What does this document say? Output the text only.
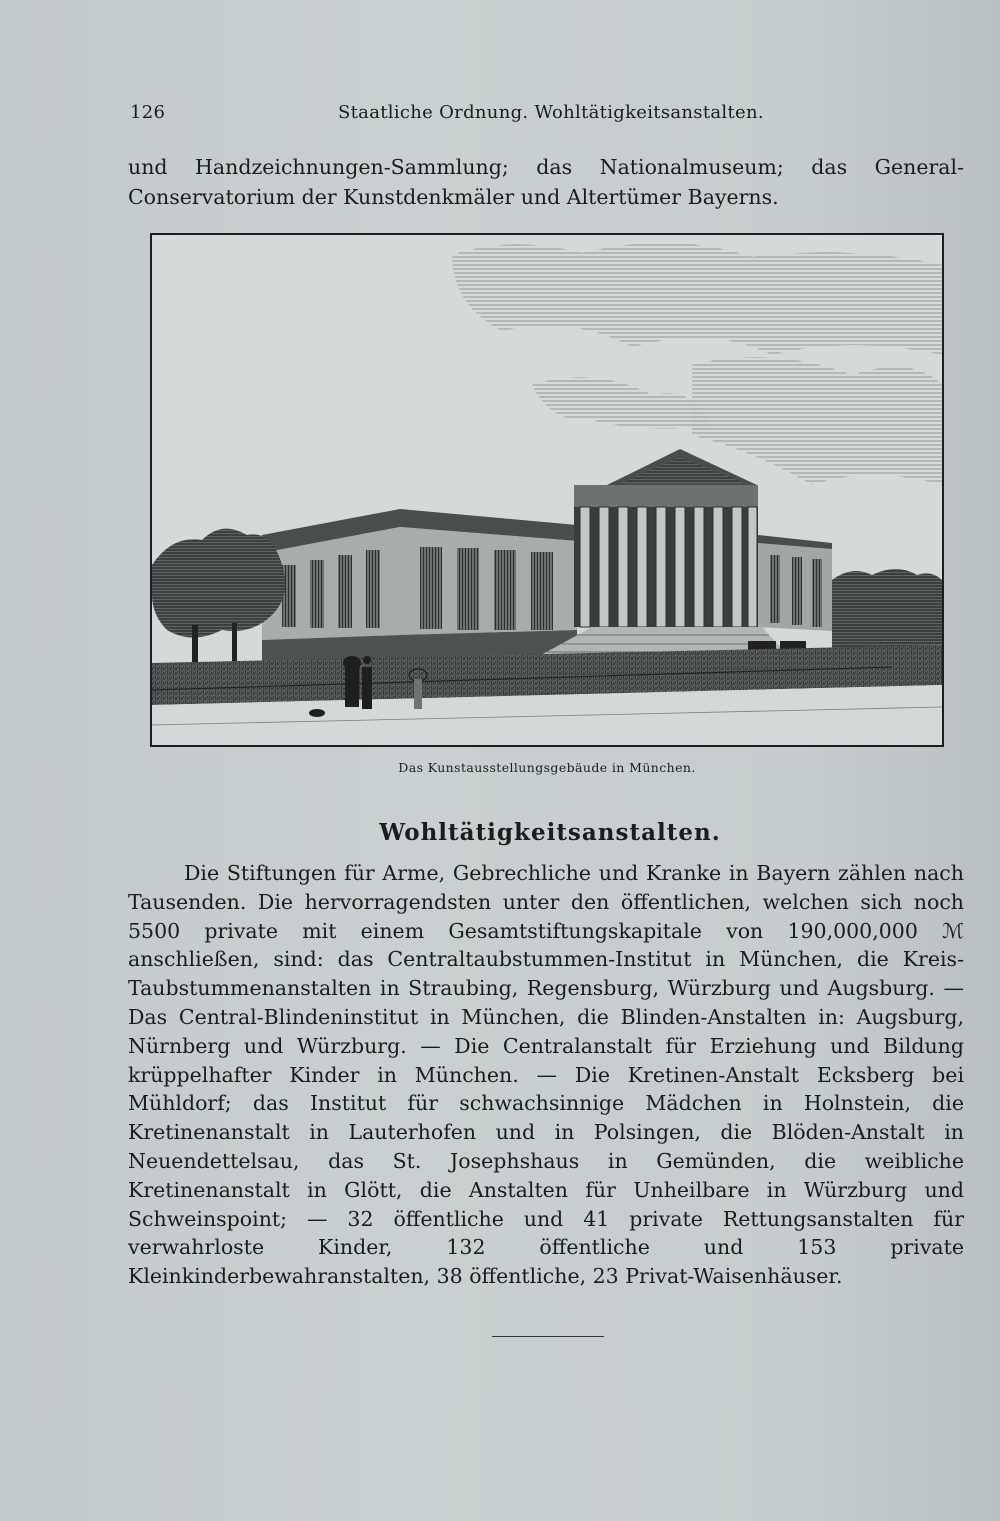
126	Staatliche Ordnung. Wohltätigkeitsanstalten.
und Handzeichnungen-Sammlung; das Nationalmuseum; das General-Conservatorium der Kunstdenkmäler und Altertümer Bayerns.
Das Kunstausstellungsgebäude in München.
Wohltätigkeitsanstalten.

Die Stiftungen für Arme, Gebrechliche und Kranke in Bayern zählen nach Tausenden. Die hervorragendsten unter den öffentlichen, welchen sich noch 5500 private mit einem Gesamtstiftungskapitale von 190,000,000 ℳ anschließen, sind: das Centraltaubstummen-Institut in München, die Kreis-Taubstummenanstalten in Straubing, Regensburg, Würzburg und Augsburg. — Das Central-Blindeninstitut in München, die Blinden-Anstalten in: Augsburg, Nürnberg und Würzburg. — Die Centralanstalt für Erziehung und Bildung krüppelhafter Kinder in München. — Die Kretinen-Anstalt Ecksberg bei Mühldorf; das Institut für schwachsinnige Mädchen in Holnstein, die Kretinenanstalt in Lauterhofen und in Polsingen, die Blöden-Anstalt in Neuendettelsau, das St. Josephshaus in Gemünden, die weibliche Kretinenanstalt in Glött, die Anstalten für Unheilbare in Würzburg und Schweinspoint; — 32 öffentliche und 41 private Rettungsanstalten für verwahrloste Kinder, 132 öffentliche und 153 private Kleinkinderbewahranstalten, 38 öffentliche, 23 Privat-Waisenhäuser.
